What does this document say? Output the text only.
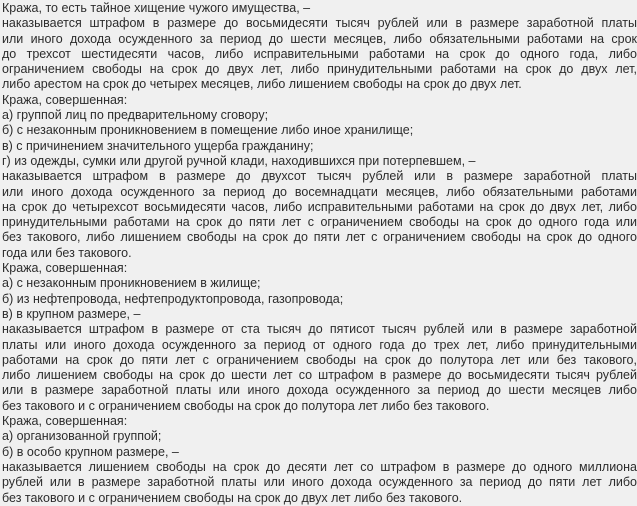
Кража, то есть тайное хищение чужого имущества, –
наказывается штрафом в размере до восьмидесяти тысяч рублей или в размере заработной платы
или иного дохода осужденного за период до шести месяцев, либо обязательными работами на срок
до трехсот шестидесяти часов, либо исправительными работами на срок до одного года, либо
ограничением свободы на срок до двух лет, либо принудительными работами на срок до двух лет,
либо арестом на срок до четырех месяцев, либо лишением свободы на срок до двух лет.
Кража, совершенная:
а) группой лиц по предварительному сговору;
б) с незаконным проникновением в помещение либо иное хранилище;
в) с причинением значительного ущерба гражданину;
г) из одежды, сумки или другой ручной клади, находившихся при потерпевшем, –
наказывается штрафом в размере до двухсот тысяч рублей или в размере заработной платы
или иного дохода осужденного за период до восемнадцати месяцев, либо обязательными работами
на срок до четырехсот восьмидесяти часов, либо исправительными работами на срок до двух лет, либо
принудительными работами на срок до пяти лет с ограничением свободы на срок до одного года или
без такового, либо лишением свободы на срок до пяти лет с ограничением свободы на срок до одного
года или без такового.
Кража, совершенная:
а) с незаконным проникновением в жилище;
б) из нефтепровода, нефтепродуктопровода, газопровода;
в) в крупном размере, –
наказывается штрафом в размере от ста тысяч до пятисот тысяч рублей или в размере заработной
платы или иного дохода осужденного за период от одного года до трех лет, либо принудительными
работами на срок до пяти лет с ограничением свободы на срок до полутора лет или без такового,
либо лишением свободы на срок до шести лет со штрафом в размере до восьмидесяти тысяч рублей
или в размере заработной платы или иного дохода осужденного за период до шести месяцев либо
без такового и с ограничением свободы на срок до полутора лет либо без такового.
Кража, совершенная:
а) организованной группой;
б) в особо крупном размере, –
наказывается лишением свободы на срок до десяти лет со штрафом в размере до одного миллиона
рублей или в размере заработной платы или иного дохода осужденного за период до пяти лет либо
без такового и с ограничением свободы на срок до двух лет либо без такового.
